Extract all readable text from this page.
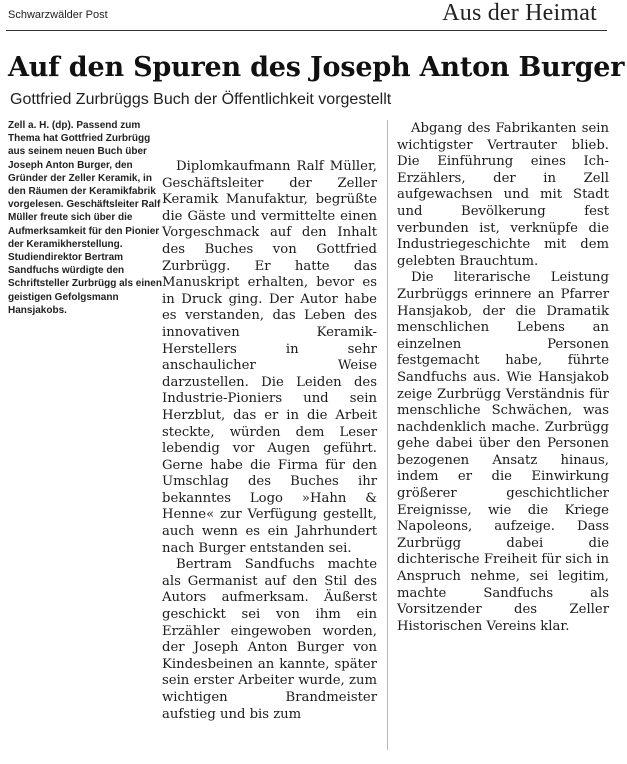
Schwarzwälder Post	Aus der Heimat
Auf den Spuren des Joseph Anton Burger
Gottfried Zurbrüggs Buch der Öffentlichkeit vorgestellt
Zell a. H. (dp). Passend zum Thema hat Gottfried Zurbrügg aus seinem neuen Buch über Joseph Anton Burger, den Gründer der Zeller Keramik, in den Räumen der Keramikfabrik vorgelesen. Geschäftsleiter Ralf Müller freute sich über die Aufmerksamkeit für den Pionier der Keramikherstellung. Studiendirektor Bertram Sandfuchs würdigte den Schriftsteller Zurbrügg als einen geistigen Gefolgsmann Hansjakobs.

Diplomkaufmann Ralf Müller, Geschäftsleiter der Zeller Keramik Manufaktur, begrüßte die Gäste und vermittelte einen Vorgeschmack auf den Inhalt des Buches von Gottfried Zurbrügg. Er hatte das Manuskript erhalten, bevor es in Druck ging. Der Autor habe es verstanden, das Leben des innovativen Keramik-Herstellers in sehr anschaulicher Weise darzustellen. Die Leiden des Industrie-Pioniers und sein Herzblut, das er in die Arbeit steckte, würden dem Leser lebendig vor Augen geführt. Gerne habe die Firma für den Umschlag des Buches ihr bekanntes Logo »Hahn & Henne« zur Verfügung gestellt, auch wenn es ein Jahrhundert nach Burger entstanden sei.

Bertram Sandfuchs machte als Germanist auf den Stil des Autors aufmerksam. Äußerst geschickt sei von ihm ein Erzähler eingewoben worden, der Joseph Anton Burger von Kindesbeinen an kannte, später sein erster Arbeiter wurde, zum wichtigen Brandmeister aufstieg und bis zum

Abgang des Fabrikanten sein wichtigster Vertrauter blieb. Die Einführung eines Ich-Erzählers, der in Zell aufgewachsen und mit Stadt und Bevölkerung fest verbunden ist, verknüpfe die Industriegeschichte mit dem gelebten Brauchtum.

Die literarische Leistung Zurbrüggs erinnere an Pfarrer Hansjakob, der die Dramatik menschlichen Lebens an einzelnen Personen festgemacht habe, führte Sandfuchs aus. Wie Hansjakob zeige Zurbrügg Verständnis für menschliche Schwächen, was nachdenklich mache. Zurbrügg gehe dabei über den Personen bezogenen Ansatz hinaus, indem er die Einwirkung größerer geschichtlicher Ereignisse, wie die Kriege Napoleons, aufzeige. Dass Zurbrügg dabei die dichterische Freiheit für sich in Anspruch nehme, sei legitim, machte Sandfuchs als Vorsitzender des Zeller Historischen Vereins klar.
